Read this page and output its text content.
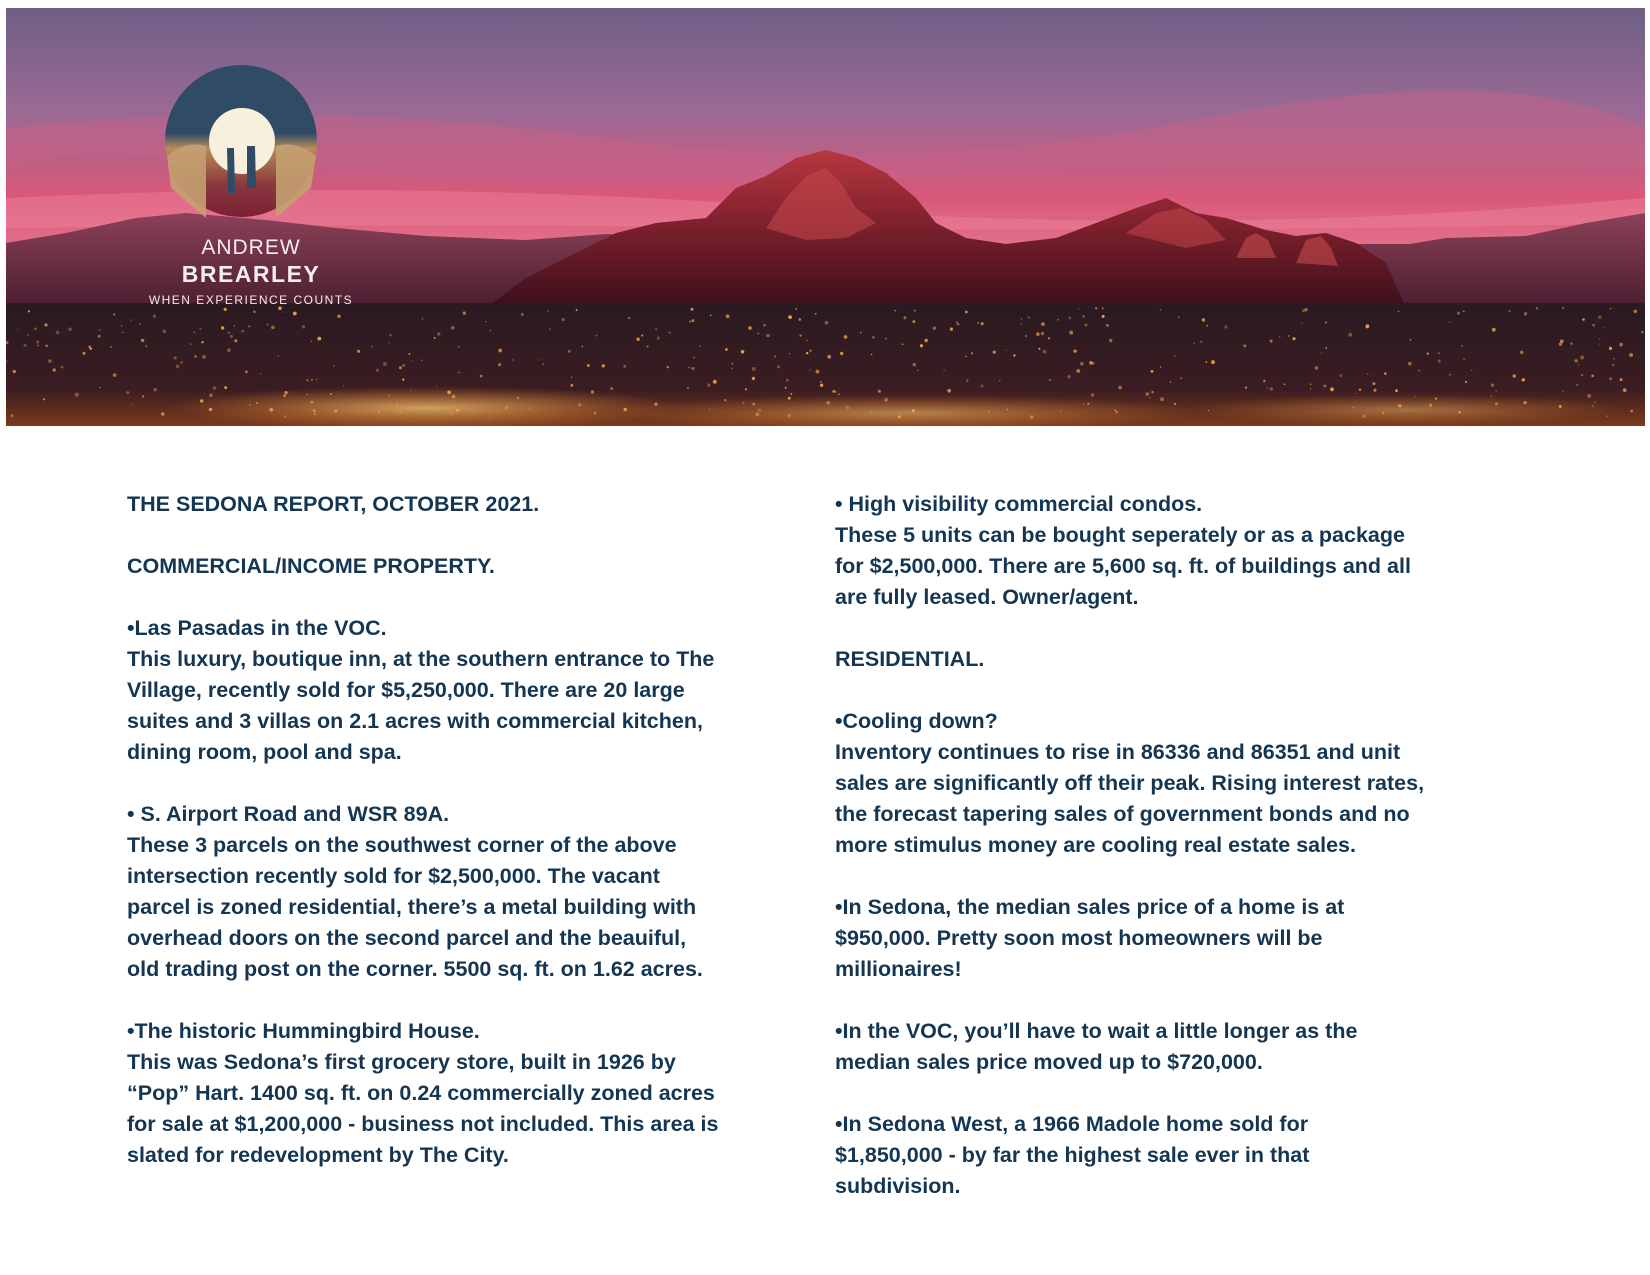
ANDREW
BREARLEY
WHEN EXPERIENCE COUNTS

THE SEDONA REPORT, OCTOBER 2021.

COMMERCIAL/INCOME PROPERTY.

•Las Pasadas in the VOC.
This luxury, boutique inn, at the southern entrance to The
Village, recently sold for $5,250,000. There are 20 large
suites and 3 villas on 2.1 acres with commercial kitchen,
dining room, pool and spa.

• S. Airport Road and WSR 89A.
These 3 parcels on the southwest corner of the above
intersection recently sold for $2,500,000. The vacant
parcel is zoned residential, there’s a metal building with
overhead doors on the second parcel and the beauiful,
old trading post on the corner. 5500 sq. ft. on 1.62 acres.

•The historic Hummingbird House.
This was Sedona’s first grocery store, built in 1926 by
“Pop” Hart. 1400 sq. ft. on 0.24 commercially zoned acres
for sale at $1,200,000 - business not included. This area is
slated for redevelopment by The City.

• High visibility commercial condos.
These 5 units can be bought seperately or as a package
for $2,500,000. There are 5,600 sq. ft. of buildings and all
are fully leased. Owner/agent.

RESIDENTIAL.

•Cooling down?
Inventory continues to rise in 86336 and 86351 and unit
sales are significantly off their peak. Rising interest rates,
the forecast tapering sales of government bonds and no
more stimulus money are cooling real estate sales.

•In Sedona, the median sales price of a home is at
$950,000. Pretty soon most homeowners will be
millionaires!

•In the VOC, you’ll have to wait a little longer as the
median sales price moved up to $720,000.

•In Sedona West, a 1966 Madole home sold for
$1,850,000 - by far the highest sale ever in that
subdivision.
